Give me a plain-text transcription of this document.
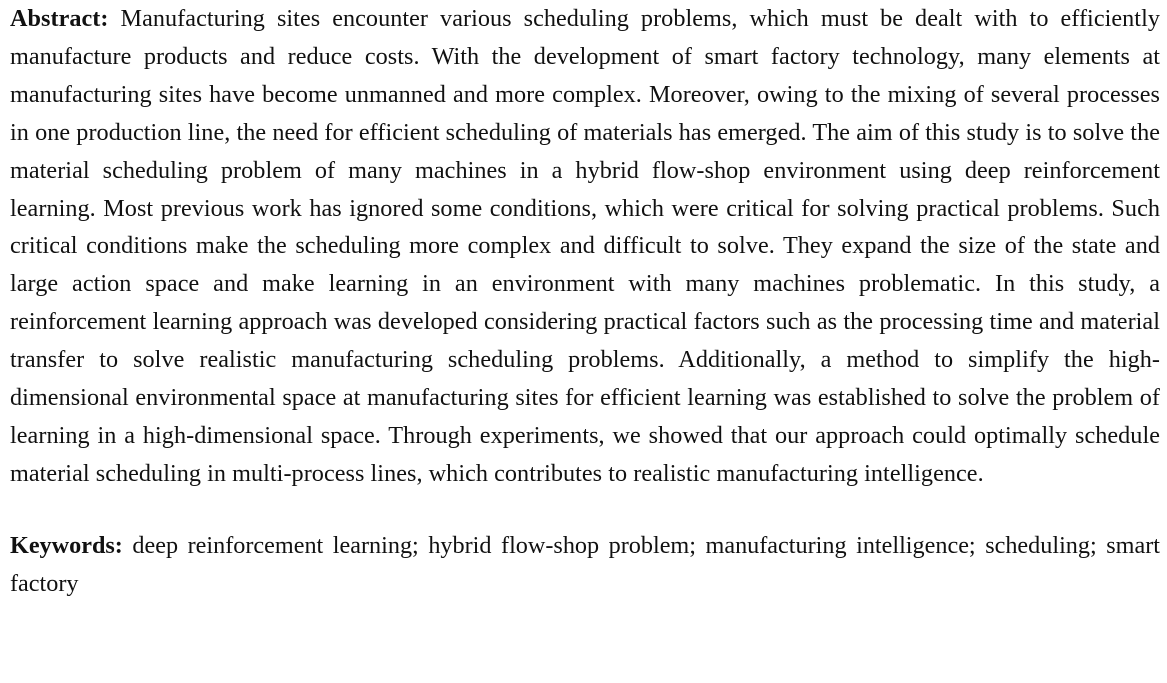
Abstract: Manufacturing sites encounter various scheduling problems, which must be dealt with to efficiently manufacture products and reduce costs. With the development of smart factory technology, many elements at manufacturing sites have become unmanned and more complex. Moreover, owing to the mixing of several processes in one production line, the need for efficient scheduling of materials has emerged. The aim of this study is to solve the material scheduling problem of many machines in a hybrid flow-shop environment using deep reinforcement learning. Most previous work has ignored some conditions, which were critical for solving practical problems. Such critical conditions make the scheduling more complex and difficult to solve. They expand the size of the state and large action space and make learning in an environment with many machines problematic. In this study, a reinforcement learning approach was developed considering practical factors such as the processing time and material transfer to solve realistic manufacturing scheduling problems. Additionally, a method to simplify the high-dimensional environmental space at manufacturing sites for efficient learning was established to solve the problem of learning in a high-dimensional space. Through experiments, we showed that our approach could optimally schedule material scheduling in multi-process lines, which contributes to realistic manufacturing intelligence.

Keywords: deep reinforcement learning; hybrid flow-shop problem; manufacturing intelligence; scheduling; smart factory
